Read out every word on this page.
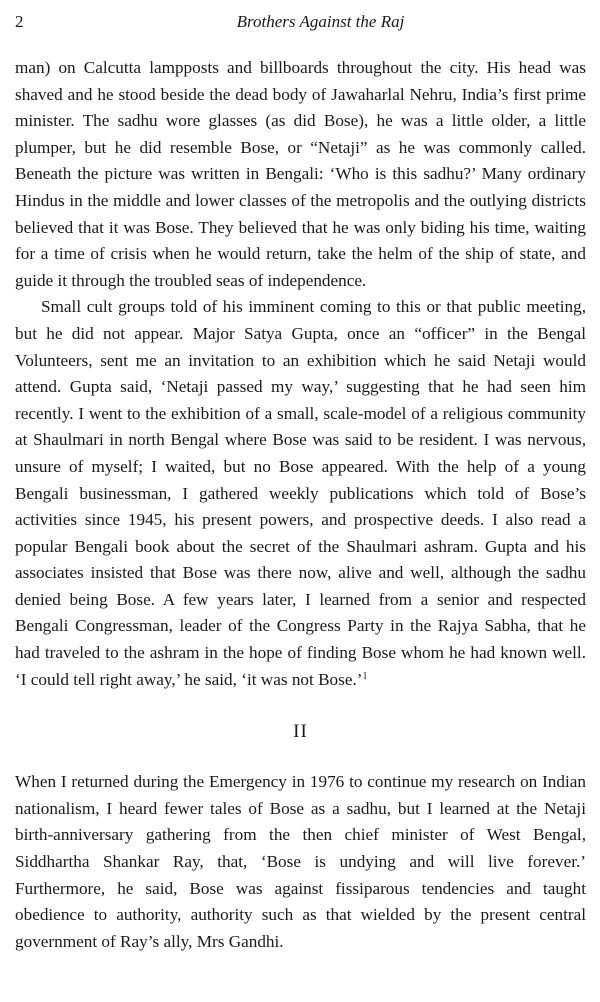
2	Brothers Against the Raj

man) on Calcutta lampposts and billboards throughout the city. His head was shaved and he stood beside the dead body of Jawaharlal Nehru, India’s first prime minister. The sadhu wore glasses (as did Bose), he was a little older, a little plumper, but he did resemble Bose, or “Netaji” as he was commonly called. Beneath the picture was written in Bengali: ‘Who is this sadhu?’ Many ordinary Hindus in the middle and lower classes of the metropolis and the outlying districts believed that it was Bose. They believed that he was only biding his time, waiting for a time of crisis when he would return, take the helm of the ship of state, and guide it through the troubled seas of independence.

Small cult groups told of his imminent coming to this or that public meeting, but he did not appear. Major Satya Gupta, once an “officer” in the Bengal Volunteers, sent me an invitation to an exhibition which he said Netaji would attend. Gupta said, ‘Netaji passed my way,’ suggesting that he had seen him recently. I went to the exhibition of a small, scale-model of a religious community at Shaulmari in north Bengal where Bose was said to be resident. I was nervous, unsure of myself; I waited, but no Bose appeared. With the help of a young Bengali businessman, I gathered weekly publications which told of Bose’s activities since 1945, his present powers, and prospective deeds. I also read a popular Bengali book about the secret of the Shaulmari ashram. Gupta and his associates insisted that Bose was there now, alive and well, although the sadhu denied being Bose. A few years later, I learned from a senior and respected Bengali Congressman, leader of the Congress Party in the Rajya Sabha, that he had traveled to the ashram in the hope of finding Bose whom he had known well. ‘I could tell right away,’ he said, ‘it was not Bose.’$^1$

II

When I returned during the Emergency in 1976 to continue my research on Indian nationalism, I heard fewer tales of Bose as a sadhu, but I learned at the Netaji birth-anniversary gathering from the then chief minister of West Bengal, Siddhartha Shankar Ray, that, ‘Bose is undying and will live forever.’ Furthermore, he said, Bose was against fissiparous tendencies and taught obedience to authority, authority such as that wielded by the present central government of Ray’s ally, Mrs Gandhi.
